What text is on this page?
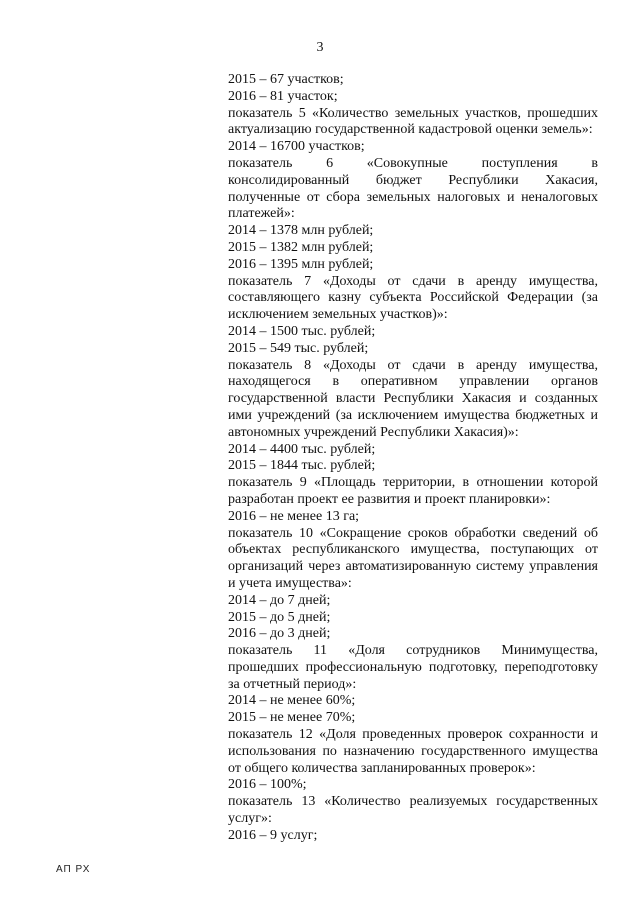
3
2015 – 67 участков;
2016 – 81 участок;
показатель 5 «Количество земельных участков, прошедших
актуализацию государственной кадастровой оценки земель»:
2014 – 16700 участков;
показатель 6 «Совокупные поступления в
консолидированный бюджет Республики Хакасия,
полученные от сбора земельных налоговых и неналоговых
платежей»:
2014 – 1378 млн рублей;
2015 – 1382 млн рублей;
2016 – 1395 млн рублей;
показатель 7 «Доходы от сдачи в аренду имущества,
составляющего казну субъекта Российской Федерации (за
исключением земельных участков)»:
2014 – 1500 тыс. рублей;
2015 – 549 тыс. рублей;
показатель 8 «Доходы от сдачи в аренду имущества,
находящегося в оперативном управлении органов
государственной власти Республики Хакасия и созданных
ими учреждений (за исключением имущества бюджетных и
автономных учреждений Республики Хакасия)»:
2014 – 4400 тыс. рублей;
2015 – 1844 тыс. рублей;
показатель 9 «Площадь территории, в отношении которой
разработан проект ее развития и проект планировки»:
2016 – не менее 13 га;
показатель 10 «Сокращение сроков обработки сведений об
объектах республиканского имущества, поступающих от
организаций через автоматизированную систему управления
и учета имущества»:
2014 – до 7 дней;
2015 – до 5 дней;
2016 – до 3 дней;
показатель 11 «Доля сотрудников Минимущества,
прошедших профессиональную подготовку, переподготовку
за отчетный период»:
2014 – не менее 60%;
2015 – не менее 70%;
показатель 12 «Доля проведенных проверок сохранности и
использования по назначению государственного имущества
от общего количества запланированных проверок»:
2016 – 100%;
показатель 13 «Количество реализуемых государственных
услуг»:
2016 – 9 услуг;
АП РХ
